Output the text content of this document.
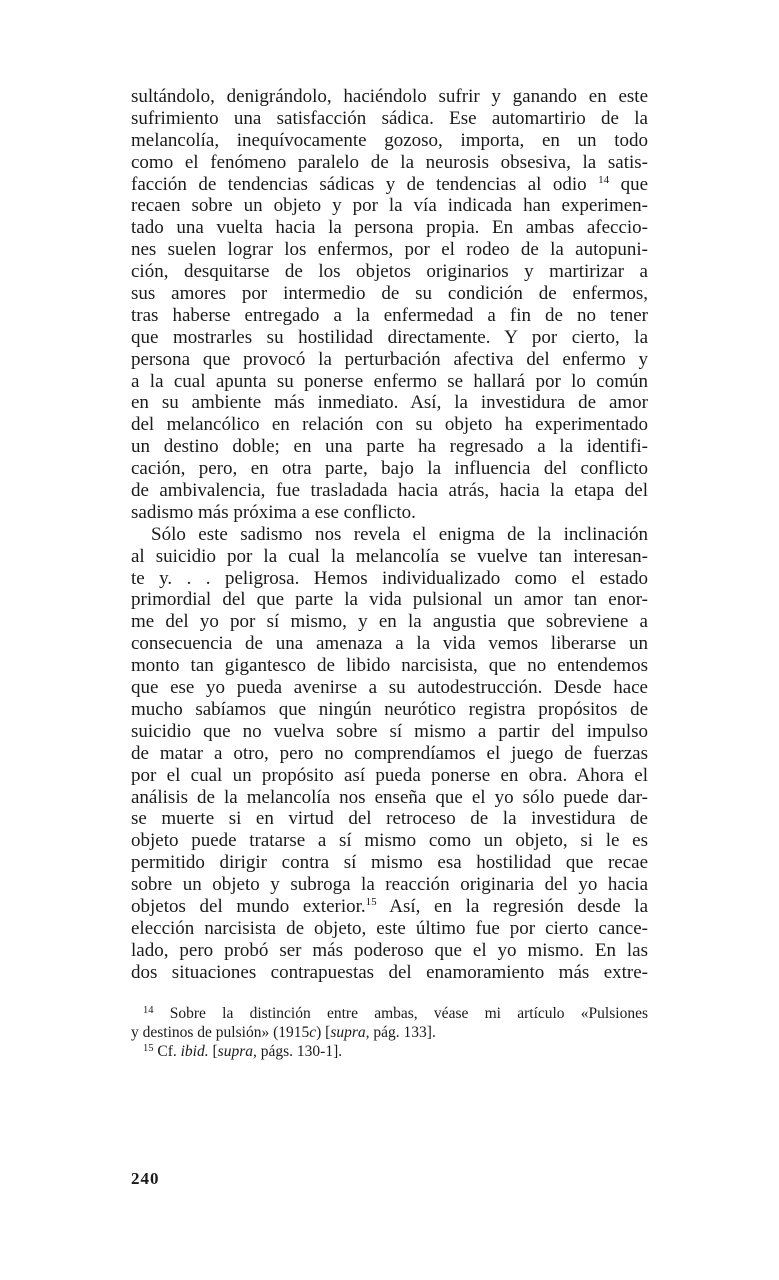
sultándolo, denigrándolo, haciéndolo sufrir y ganando en este
sufrimiento una satisfacción sádica. Ese automartirio de la
melancolía, inequívocamente gozoso, importa, en un todo
como el fenómeno paralelo de la neurosis obsesiva, la satis-
facción de tendencias sádicas y de tendencias al odio $^{14}$ que
recaen sobre un objeto y por la vía indicada han experimen-
tado una vuelta hacia la persona propia. En ambas afeccio-
nes suelen lograr los enfermos, por el rodeo de la autopuni-
ción, desquitarse de los objetos originarios y martirizar a
sus amores por intermedio de su condición de enfermos,
tras haberse entregado a la enfermedad a fin de no tener
que mostrarles su hostilidad directamente. Y por cierto, la
persona que provocó la perturbación afectiva del enfermo y
a la cual apunta su ponerse enfermo se hallará por lo común
en su ambiente más inmediato. Así, la investidura de amor
del melancólico en relación con su objeto ha experimentado
un destino doble; en una parte ha regresado a la identifi-
cación, pero, en otra parte, bajo la influencia del conflicto
de ambivalencia, fue trasladada hacia atrás, hacia la etapa del
sadismo más próxima a ese conflicto.
Sólo este sadismo nos revela el enigma de la inclinación
al suicidio por la cual la melancolía se vuelve tan interesan-
te y. . . peligrosa. Hemos individualizado como el estado
primordial del que parte la vida pulsional un amor tan enor-
me del yo por sí mismo, y en la angustia que sobreviene a
consecuencia de una amenaza a la vida vemos liberarse un
monto tan gigantesco de libido narcisista, que no entendemos
que ese yo pueda avenirse a su autodestrucción. Desde hace
mucho sabíamos que ningún neurótico registra propósitos de
suicidio que no vuelva sobre sí mismo a partir del impulso
de matar a otro, pero no comprendíamos el juego de fuerzas
por el cual un propósito así pueda ponerse en obra. Ahora el
análisis de la melancolía nos enseña que el yo sólo puede dar-
se muerte si en virtud del retroceso de la investidura de
objeto puede tratarse a sí mismo como un objeto, si le es
permitido dirigir contra sí mismo esa hostilidad que recae
sobre un objeto y subroga la reacción originaria del yo hacia
objetos del mundo exterior.$^{15}$ Así, en la regresión desde la
elección narcisista de objeto, este último fue por cierto cance-
lado, pero probó ser más poderoso que el yo mismo. En las
dos situaciones contrapuestas del enamoramiento más extre-
$^{14}$ Sobre la distinción entre ambas, véase mi artículo «Pulsiones
y destinos de pulsión» (1915c) [supra, pág. 133].
$^{15}$ Cf. ibid. [supra, págs. 130-1].
240
